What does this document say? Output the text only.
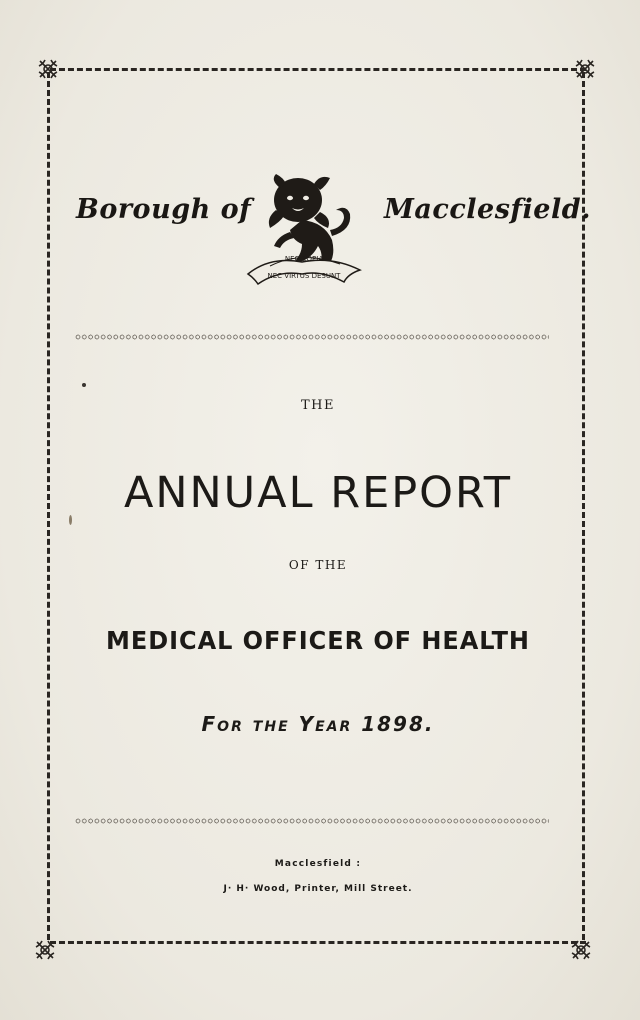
Borough of
NEC COPIA
NEC VIRTUS DESUNT
Macclesfield.
THE
ANNUAL REPORT
OF THE
MEDICAL OFFICER OF HEALTH
For the Year 1898.
Macclesfield :
J· H· Wood, Printer, Mill Street.
